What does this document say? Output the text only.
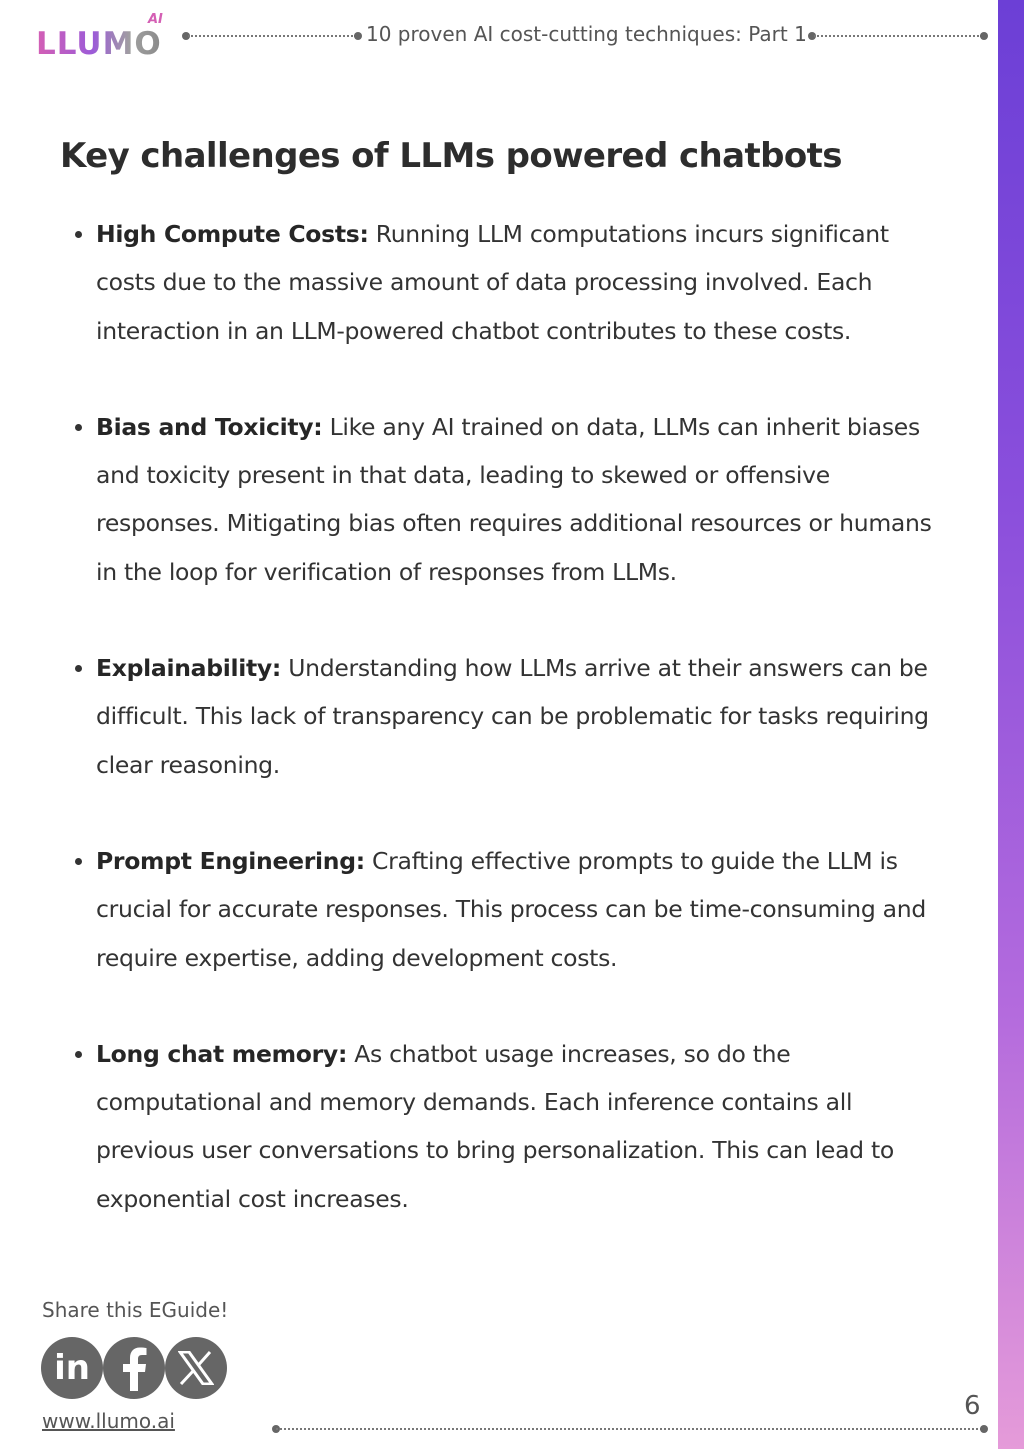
LLUMO
AI
10 proven AI cost-cutting techniques: Part 1
Key challenges of LLMs powered chatbots
High Compute Costs: Running LLM computations incurs significant costs due to the massive amount of data processing involved. Each interaction in an LLM-powered chatbot contributes to these costs.
Bias and Toxicity: Like any AI trained on data, LLMs can inherit biases and toxicity present in that data, leading to skewed or offensive responses. Mitigating bias often requires additional resources or humans in the loop for verification of responses from LLMs.
Explainability: Understanding how LLMs arrive at their answers can be difficult. This lack of transparency can be problematic for tasks requiring clear reasoning.
Prompt Engineering: Crafting effective prompts to guide the LLM is crucial for accurate responses. This process can be time-consuming and require expertise, adding development costs.
Long chat memory: As chatbot usage increases, so do the computational and memory demands. Each inference contains all previous user conversations to bring personalization. This can lead to exponential cost increases.
Share this EGuide!
in
www.llumo.ai	6
